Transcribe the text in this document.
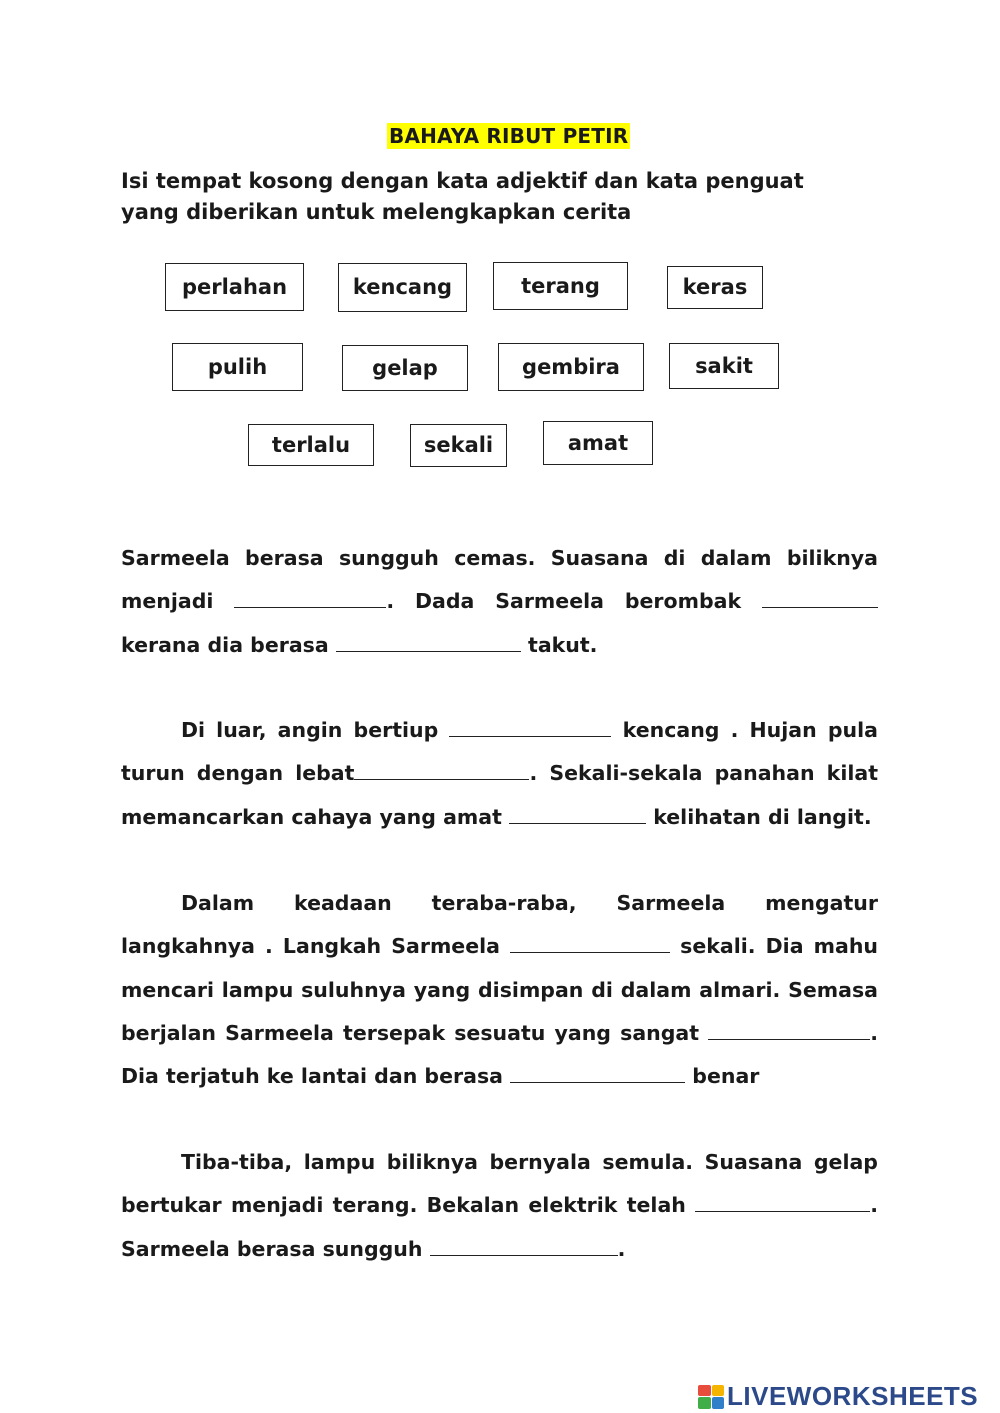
BAHAYA RIBUT PETIR
Isi tempat kosong dengan kata adjektif dan kata penguat yang diberikan untuk melengkapkan cerita
perlahan	kencang	terang	keras
pulih	gelap	gembira	sakit
terlalu	sekali	amat
Sarmeela berasa sungguh cemas. Suasana di dalam biliknya menjadi	. Dada Sarmeela berombak  kerana dia berasa	takut.
Di luar, angin bertiup	kencang . Hujan pula turun dengan lebat	. Sekali-sekala panahan kilat memancarkan cahaya yang amat	kelihatan di langit.
Dalam keadaan teraba-raba, Sarmeela mengatur langkahnya . Langkah Sarmeela	sekali. Dia mahu mencari lampu suluhnya yang disimpan di dalam almari. Semasa berjalan Sarmeela tersepak sesuatu yang sangat	. Dia terjatuh ke lantai dan berasa	benar
Tiba-tiba, lampu biliknya bernyala semula. Suasana gelap bertukar menjadi terang. Bekalan elektrik telah	. Sarmeela berasa sungguh	.
LIVEWORKSHEETS
